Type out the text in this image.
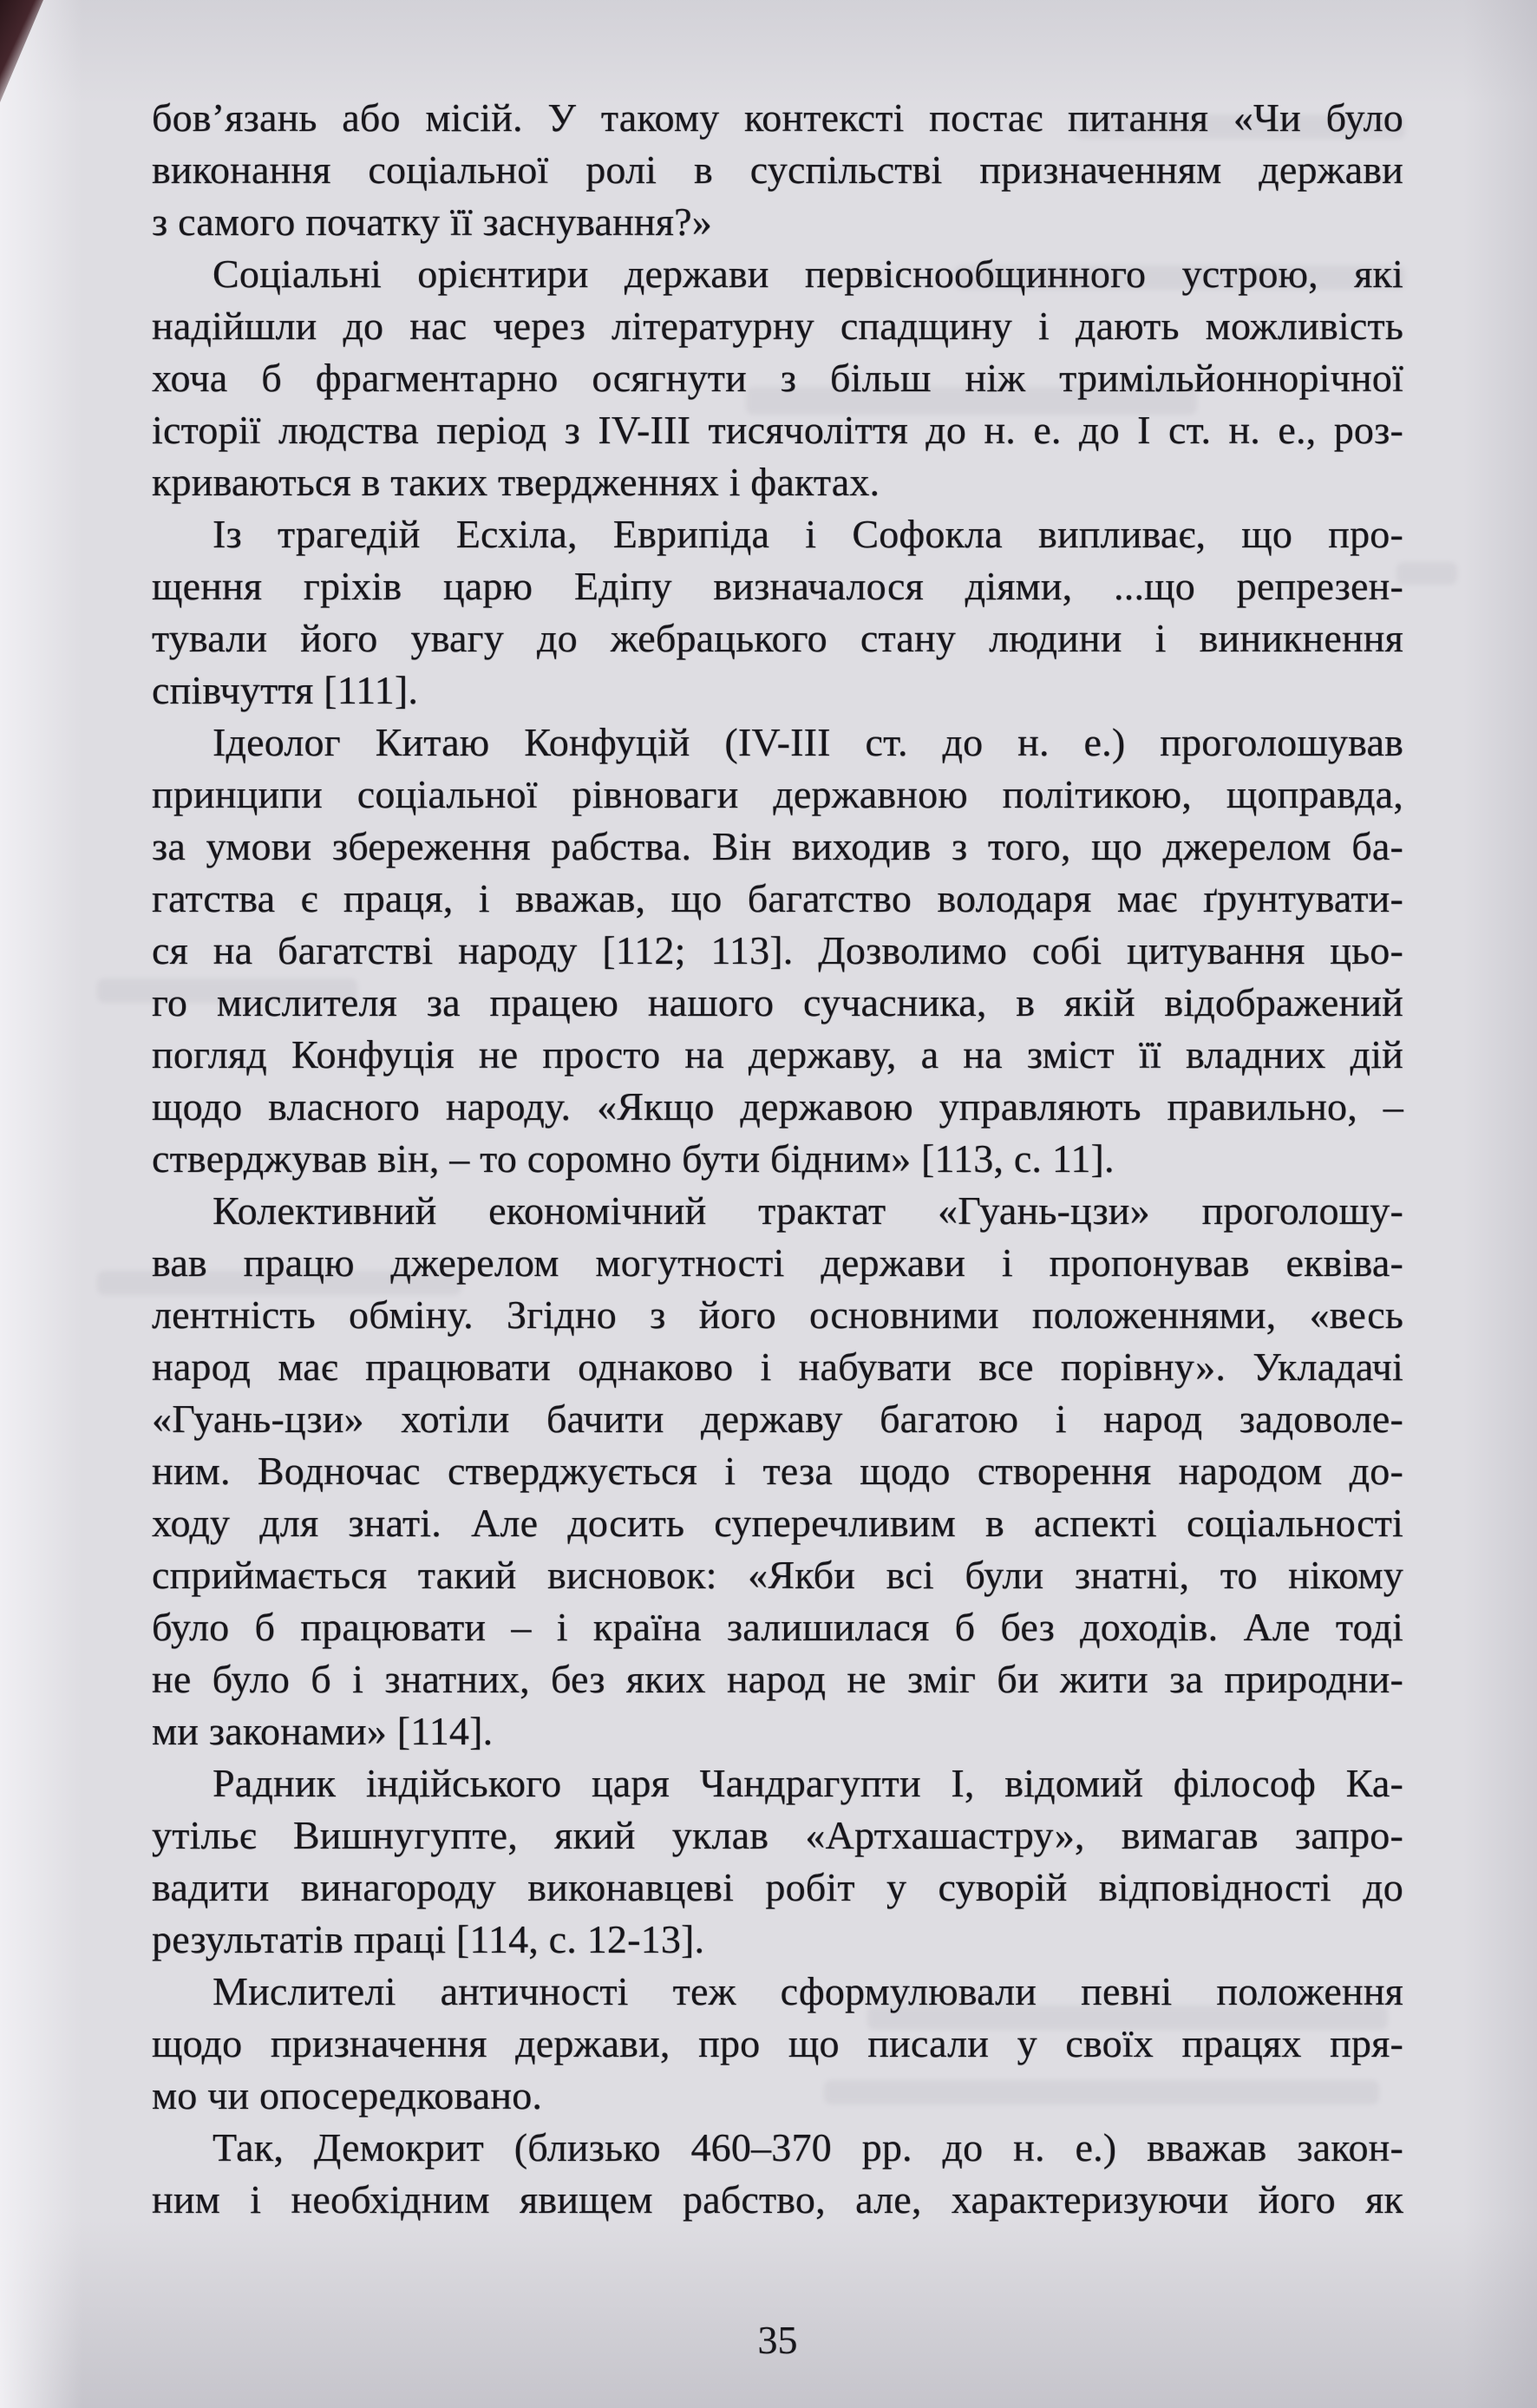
бов’язань або місій. У такому контексті постає питання «Чи було
виконання соціальної ролі в суспільстві призначенням держави
з самого початку її заснування?»
Соціальні орієнтири держави первіснообщинного устрою, які
надійшли до нас через літературну спадщину і дають можливість
хоча б фрагментарно осягнути з більш ніж тримільйоннорічної
історії людства період з IV-III тисячоліття до н. е. до I ст. н. е., роз-
криваються в таких твердженнях і фактах.
Із трагедій Есхіла, Еврипіда і Софокла випливає, що про-
щення гріхів царю Едіпу визначалося діями, ...що репрезен-
тували його увагу до жебрацького стану людини і виникнення
співчуття [111].
Ідеолог Китаю Конфуцій (IV-III ст. до н. е.) проголошував
принципи соціальної рівноваги державною політикою, щоправда,
за умови збереження рабства. Він виходив з того, що джерелом ба-
гатства є праця, і вважав, що багатство володаря має ґрунтувати-
ся на багатстві народу [112; 113]. Дозволимо собі цитування цьо-
го мислителя за працею нашого сучасника, в якій відображений
погляд Конфуція не просто на державу, а на зміст її владних дій
щодо власного народу. «Якщо державою управляють правильно, –
стверджував він, – то соромно бути бідним» [113, с. 11].
Колективний економічний трактат «Гуань-цзи» проголошу-
вав працю джерелом могутності держави і пропонував еквіва-
лентність обміну. Згідно з його основними положеннями, «весь
народ має працювати однаково і набувати все порівну». Укладачі
«Гуань-цзи» хотіли бачити державу багатою і народ задоволе-
ним. Водночас стверджується і теза щодо створення народом до-
ходу для знаті. Але досить суперечливим в аспекті соціальності
сприймається такий висновок: «Якби всі були знатні, то нікому
було б працювати – і країна залишилася б без доходів. Але тоді
не було б і знатних, без яких народ не зміг би жити за природни-
ми законами» [114].
Радник індійського царя Чандрагупти I, відомий філософ Ка-
утільє Вишнугупте, який уклав «Артхашастру», вимагав запро-
вадити винагороду виконавцеві робіт у суворій відповідності до
результатів праці [114, с. 12-13].
Мислителі античності теж сформулювали певні положення
щодо призначення держави, про що писали у своїх працях пря-
мо чи опосередковано.
Так, Демокрит (близько 460–370 рр. до н. е.) вважав закон-
ним і необхідним явищем рабство, але, характеризуючи його як
35
